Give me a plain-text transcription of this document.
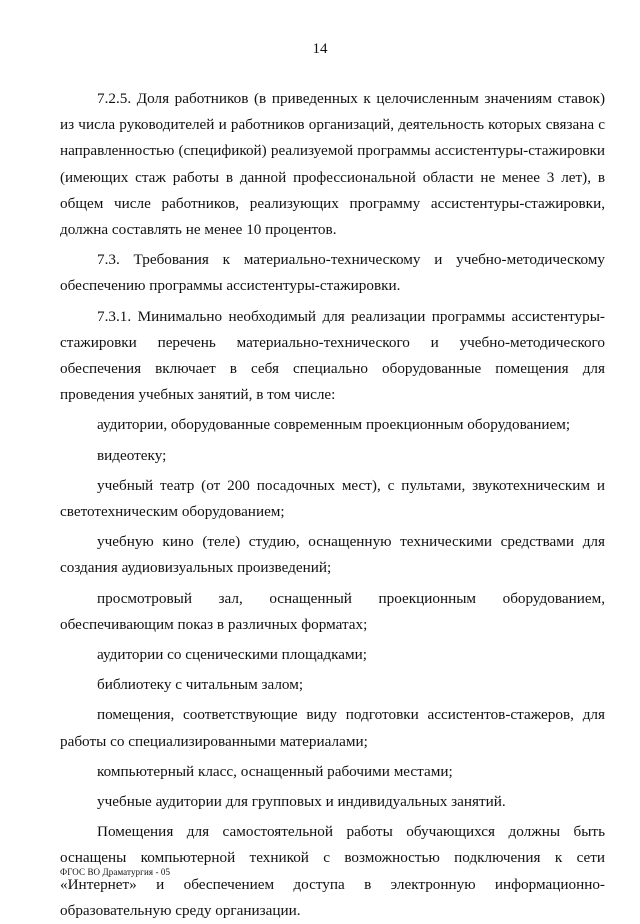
14

7.2.5. Доля работников (в приведенных к целочисленным значениям ставок) из числа руководителей и работников организаций, деятельность которых связана с направленностью (спецификой) реализуемой программы ассистентуры-стажировки (имеющих стаж работы в данной профессиональной области не менее 3 лет), в общем числе работников, реализующих программу ассистентуры-стажировки, должна составлять не менее 10 процентов.

7.3. Требования к материально-техническому и учебно-методическому обеспечению программы ассистентуры-стажировки.

7.3.1. Минимально необходимый для реализации программы ассистентуры-стажировки перечень материально-технического и учебно-методического обеспечения включает в себя специально оборудованные помещения для проведения учебных занятий, в том числе:

аудитории, оборудованные современным проекционным оборудованием;

видеотеку;

учебный театр (от 200 посадочных мест), с пультами, звукотехническим и светотехническим оборудованием;

учебную кино (теле) студию, оснащенную техническими средствами для создания аудиовизуальных произведений;

просмотровый зал, оснащенный проекционным оборудованием, обеспечивающим показ в различных форматах;

аудитории со сценическими площадками;

библиотеку с читальным залом;

помещения, соответствующие виду подготовки ассистентов-стажеров, для работы со специализированными материалами;

компьютерный класс, оснащенный рабочими местами;

учебные аудитории для групповых и индивидуальных занятий.

Помещения для самостоятельной работы обучающихся должны быть оснащены компьютерной техникой с возможностью подключения к сети «Интернет» и обеспечением доступа в электронную информационно-образовательную среду организации.

ФГОС ВО Драматургия - 05
